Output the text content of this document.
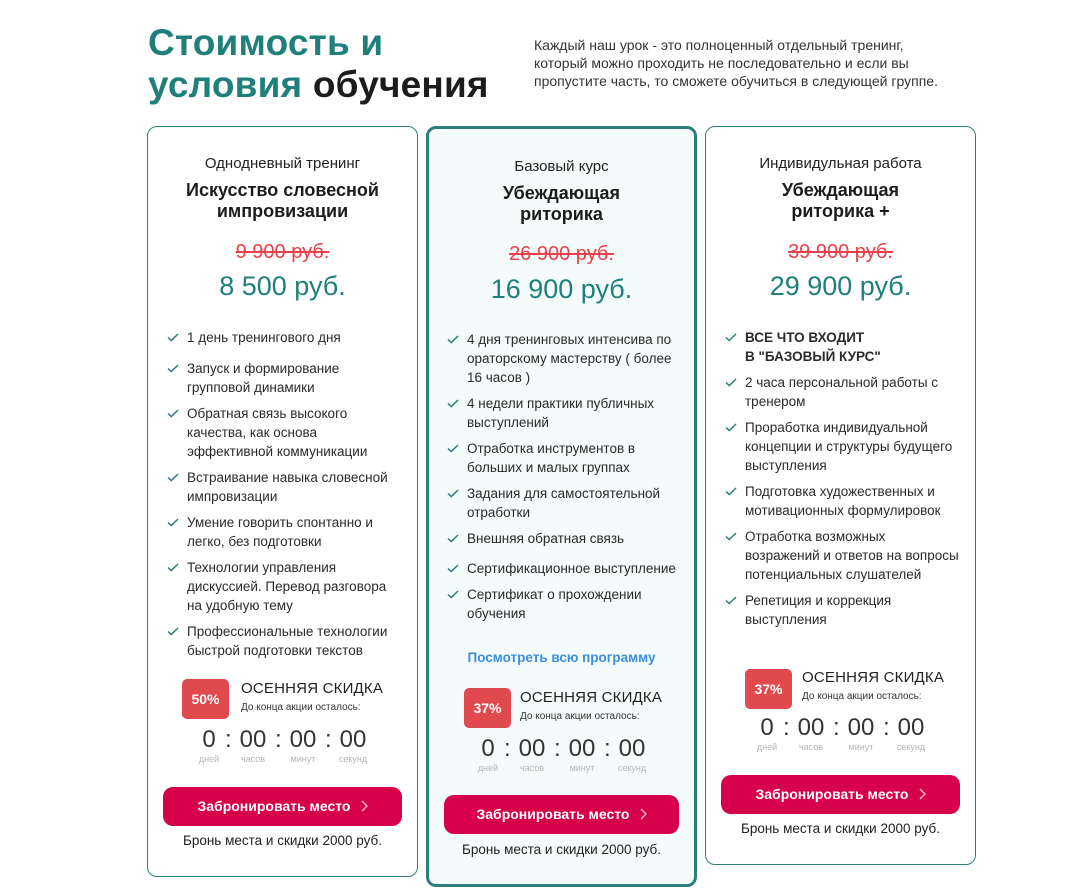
Стоимость и
условия обучения
Каждый наш урок - это полноценный отдельный тренинг, который можно проходить не последовательно и если вы пропустите часть, то сможете обучиться в следующей группе.
Однодневный тренинг
Искусство словесной
импровизации
9 900 руб.
8 500 руб.
1 день тренингового дня
Запуск и формирование групповой динамики
Обратная связь высокого качества, как основа эффективной коммуникации
Встраивание навыка словесной импровизации
Умение говорить спонтанно и легко, без подготовки
Технологии управления дискуссией. Перевод разговора на удобную тему
Профессиональные технологии быстрой подготовки текстов
50%
ОСЕННЯЯ СКИДКА
До конца акции осталось:
0
дней
: 00
часов
: 00
минут
: 00
секунд
Забронировать место
Бронь места и скидки 2000 руб.
Базовый курс
Убеждающая
риторика
26 900 руб.
16 900 руб.
4 дня тренинговых интенсива по ораторскому мастерству ( более 16 часов )
4 недели практики публичных выступлений
Отработка инструментов в больших и малых группах
Задания для самостоятельной отработки
Внешняя обратная связь
Сертификационное выступление
Сертификат о прохождении обучения
Посмотреть всю программу
37%
ОСЕННЯЯ СКИДКА
До конца акции осталось:
0
дней
: 00
часов
: 00
минут
: 00
секунд
Забронировать место
Бронь места и скидки 2000 руб.
Индивидульная работа
Убеждающая
риторика +
39 900 руб.
29 900 руб.
ВСЕ ЧТО ВХОДИТ
В "БАЗОВЫЙ КУРС"
2 часа персональной работы с тренером
Проработка индивидуальной концепции и структуры будущего выступления
Подготовка художественных и мотивационных формулировок
Отработка возможных возражений и ответов на вопросы потенциальных слушателей
Репетиция и коррекция выступления
37%
ОСЕННЯЯ СКИДКА
До конца акции осталось:
0
дней
: 00
часов
: 00
минут
: 00
секунд
Забронировать место
Бронь места и скидки 2000 руб.
